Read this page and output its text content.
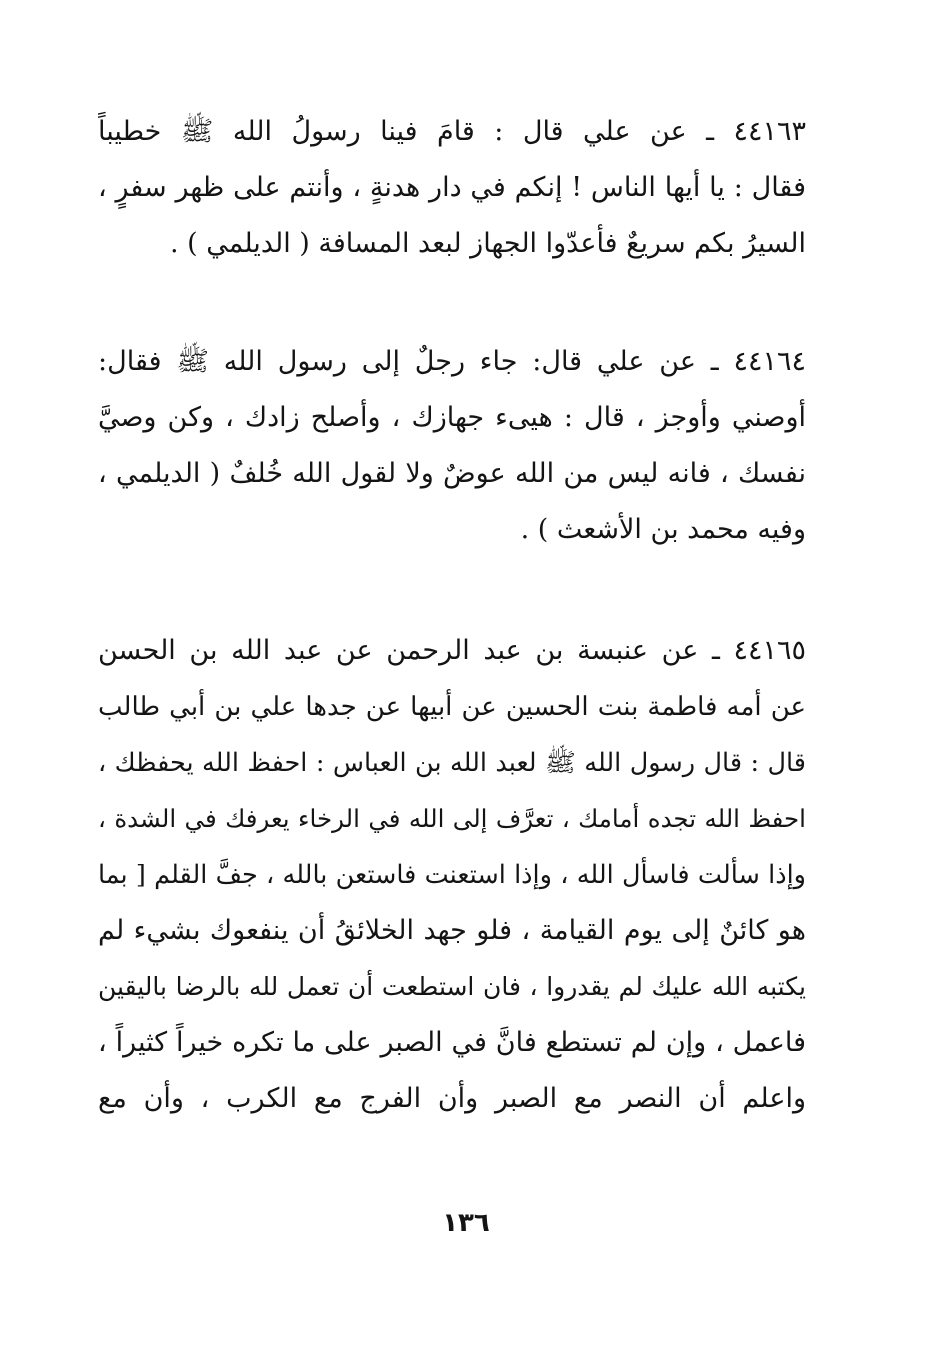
٤٤١٦٣ ـ عن علي قال : قامَ فينا رسولُ الله ﷺ خطيباً
فقال : يا أيها الناس ! إنكم في دار هدنةٍ ، وأنتم على ظهر سفرٍ ،
السيرُ بكم سريعٌ فأعدّوا الجهاز لبعد المسافة ( الديلمي ) .
٤٤١٦٤ ـ عن علي قال: جاء رجلٌ إلى رسول الله ﷺ فقال:
أوصني وأوجز ، قال : هيىء جهازك ، وأصلح زادك ، وكن وصيَّ
نفسك ، فانه ليس من الله عوضٌ ولا لقول الله خُلفٌ ( الديلمي ،
وفيه محمد بن الأشعث ) .
٤٤١٦٥ ـ عن عنبسة بن عبد الرحمن عن عبد الله بن الحسن
عن أمه فاطمة بنت الحسين عن أبيها عن جدها علي بن أبي طالب
قال : قال رسول الله ﷺ لعبد الله بن العباس : احفظ الله يحفظك ،
احفظ الله تجده أمامك ، تعرَّف إلى الله في الرخاء يعرفك في الشدة ،
وإذا سألت فاسأل الله ، وإذا استعنت فاستعن بالله ، جفَّ القلم [ بما
هو كائنٌ إلى يوم القيامة ، فلو جهد الخلائقُ أن ينفعوك بشيء لم
يكتبه الله عليك لم يقدروا ، فان استطعت أن تعمل لله بالرضا باليقين
فاعمل ، وإن لم تستطع فانَّ في الصبر على ما تكره خيراً كثيراً ،
واعلم أن النصر مع الصبر وأن الفرج مع الكرب ، وأن مع
١٣٦
